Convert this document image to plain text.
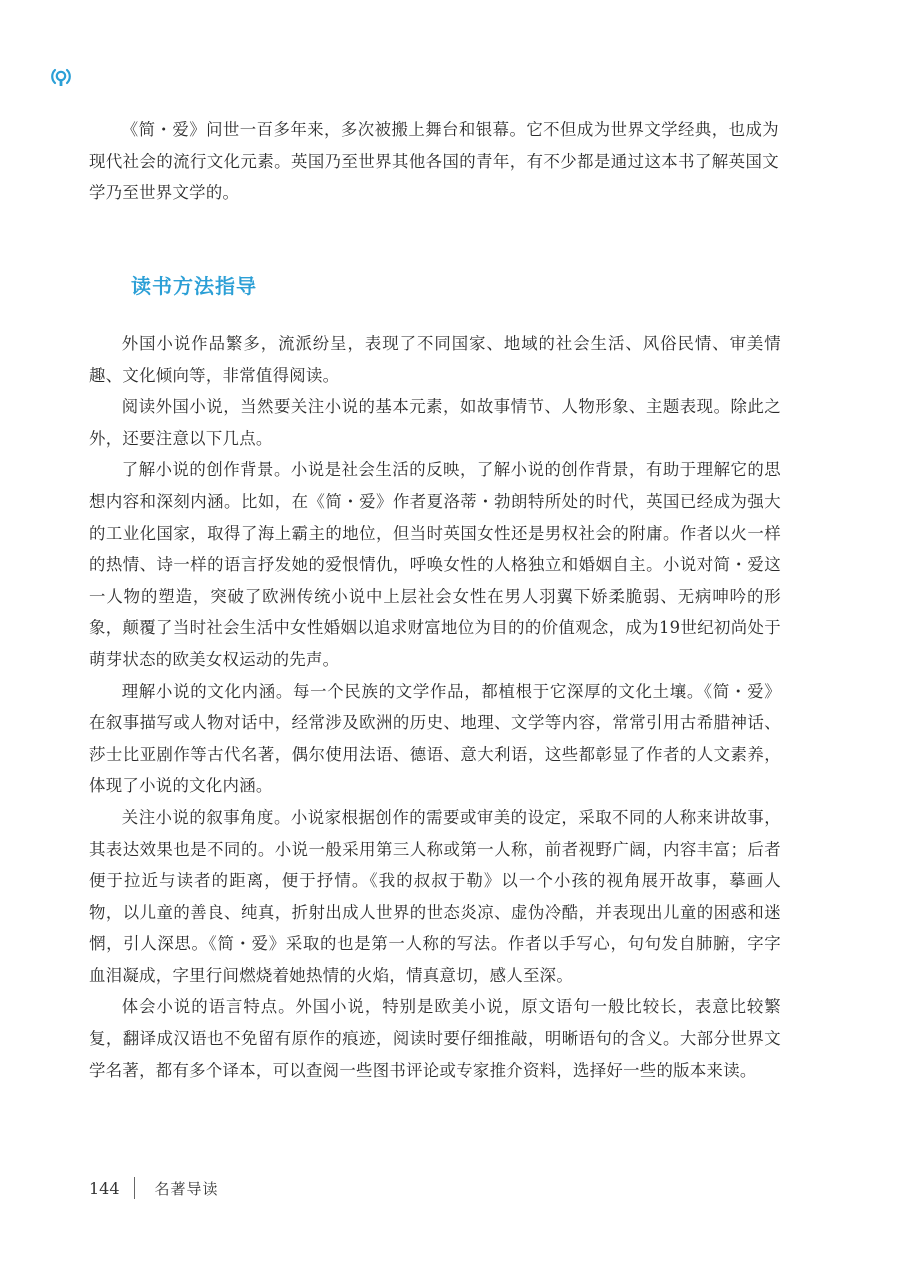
《简・爱》问世一百多年来，多次被搬上舞台和银幕。它不但成为世界文学经典，也成为现代社会的流行文化元素。英国乃至世界其他各国的青年，有不少都是通过这本书了解英国文学乃至世界文学的。

读书方法指导

外国小说作品繁多，流派纷呈，表现了不同国家、地域的社会生活、风俗民情、审美情趣、文化倾向等，非常值得阅读。

阅读外国小说，当然要关注小说的基本元素，如故事情节、人物形象、主题表现。除此之外，还要注意以下几点。

了解小说的创作背景。小说是社会生活的反映，了解小说的创作背景，有助于理解它的思想内容和深刻内涵。比如，在《简・爱》作者夏洛蒂・勃朗特所处的时代，英国已经成为强大的工业化国家，取得了海上霸主的地位，但当时英国女性还是男权社会的附庸。作者以火一样的热情、诗一样的语言抒发她的爱恨情仇，呼唤女性的人格独立和婚姻自主。小说对简・爱这一人物的塑造，突破了欧洲传统小说中上层社会女性在男人羽翼下娇柔脆弱、无病呻吟的形象，颠覆了当时社会生活中女性婚姻以追求财富地位为目的的价值观念，成为19世纪初尚处于萌芽状态的欧美女权运动的先声。

理解小说的文化内涵。每一个民族的文学作品，都植根于它深厚的文化土壤。《简・爱》在叙事描写或人物对话中，经常涉及欧洲的历史、地理、文学等内容，常常引用古希腊神话、莎士比亚剧作等古代名著，偶尔使用法语、德语、意大利语，这些都彰显了作者的人文素养，体现了小说的文化内涵。

关注小说的叙事角度。小说家根据创作的需要或审美的设定，采取不同的人称来讲故事，其表达效果也是不同的。小说一般采用第三人称或第一人称，前者视野广阔，内容丰富；后者便于拉近与读者的距离，便于抒情。《我的叔叔于勒》以一个小孩的视角展开故事，摹画人物，以儿童的善良、纯真，折射出成人世界的世态炎凉、虚伪冷酷，并表现出儿童的困惑和迷惘，引人深思。《简・爱》采取的也是第一人称的写法。作者以手写心，句句发自肺腑，字字血泪凝成，字里行间燃烧着她热情的火焰，情真意切，感人至深。

体会小说的语言特点。外国小说，特别是欧美小说，原文语句一般比较长，表意比较繁复，翻译成汉语也不免留有原作的痕迹，阅读时要仔细推敲，明晰语句的含义。大部分世界文学名著，都有多个译本，可以查阅一些图书评论或专家推介资料，选择好一些的版本来读。

144 名著导读
